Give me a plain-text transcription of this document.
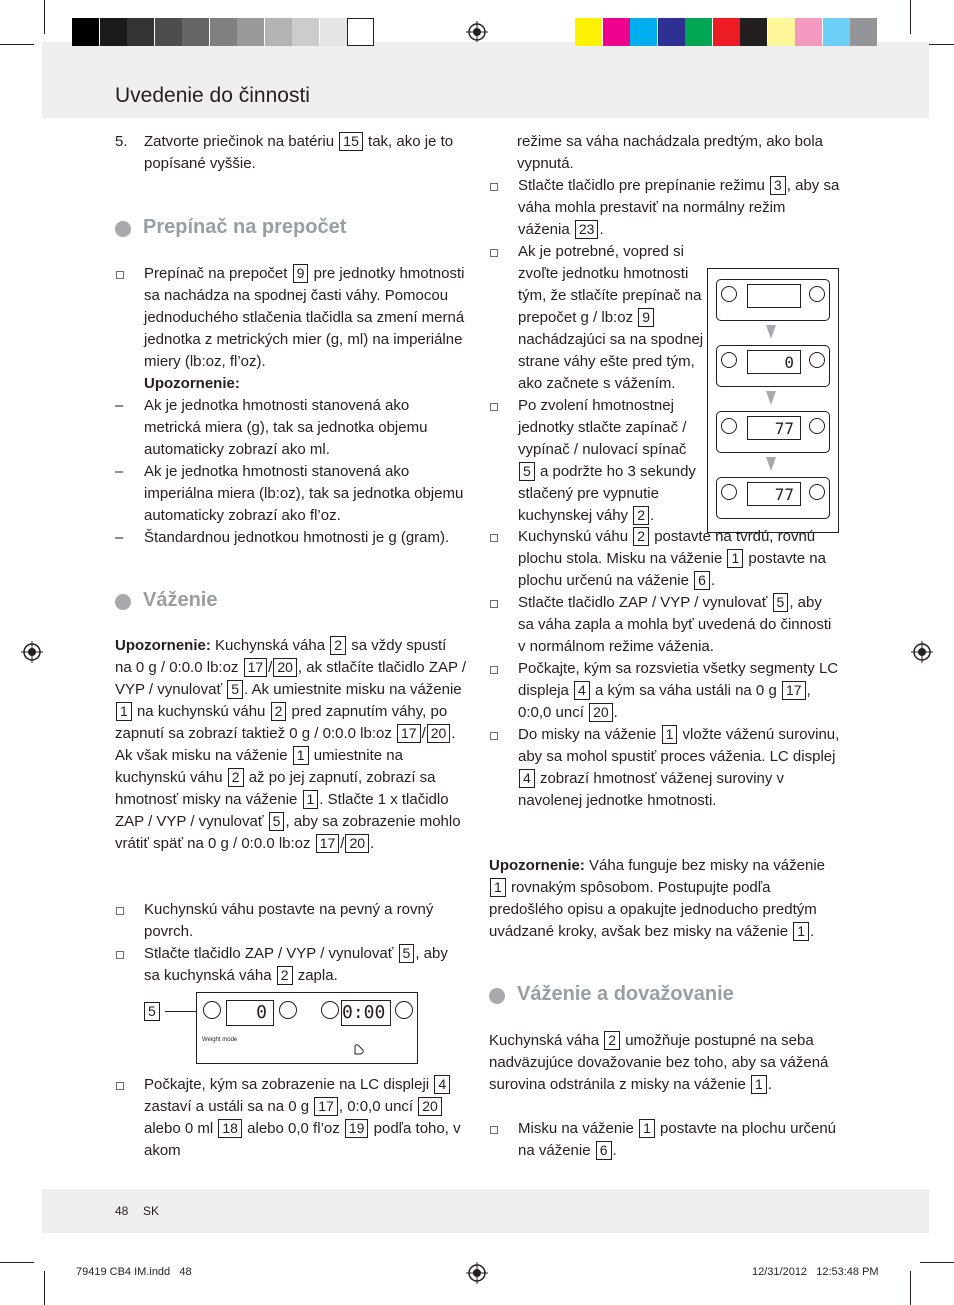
Uvedenie do činnosti
5.	Zatvorte priečinok na batériu 15 tak, ako je to popísané vyššie.
Prepínač na prepočet
Prepínač na prepočet 9 pre jednotky hmotnosti sa nachádza na spodnej časti váhy. Pomocou jednoduchého stlačenia tlačidla sa zmení merná jednotka z metrických mier (g, ml) na imperiálne miery (lb:oz, fl’oz).
Upozornenie:
–	Ak je jednotka hmotnosti stanovená ako metrická miera (g), tak sa jednotka objemu automaticky zobrazí ako ml.
–	Ak je jednotka hmotnosti stanovená ako imperiálna miera (lb:oz), tak sa jednotka objemu automaticky zobrazí ako fl’oz.
–	Štandardnou jednotkou hmotnosti je g (gram).
Váženie
Upozornenie: Kuchynská váha 2 sa vždy spustí na 0 g / 0:0.0 lb:oz 17 / 20 , ak stlačíte tlačidlo ZAP / VYP / vynulovať 5 . Ak umiestnite misku na váženie 1 na kuchynskú váhu 2 pred zapnutím váhy, po zapnutí sa zobrazí taktiež 0 g / 0:0.0 lb:oz 17 / 20 .
Ak však misku na váženie 1 umiestnite na kuchynskú váhu 2 až po jej zapnutí, zobrazí sa hmotnosť misky na váženie 1 . Stlačte 1 x tlačidlo ZAP / VYP / vynulovať 5 , aby sa zobrazenie mohlo vrátiť späť na 0 g / 0:0.0 lb:oz 17 / 20 .
Kuchynskú váhu postavte na pevný a rovný povrch.
Stlačte tlačidlo ZAP / VYP / vynulovať 5 , aby sa kuchynská váha 2 zapla.
5	0	0:00
Weight mode
Počkajte, kým sa zobrazenie na LC displeji 4 zastaví a ustáli sa na 0 g 17 , 0:0,0 uncí 20 alebo 0 ml 18 alebo 0,0 fl’oz 19 podľa toho, v akom
režime sa váha nachádzala predtým, ako bola vypnutá.
Stlačte tlačidlo pre prepínanie režimu 3 , aby sa váha mohla prestaviť na normálny režim váženia 23 .
Ak je potrebné, vopred si zvoľte jednotku hmotnosti tým, že stlačíte prepínač na prepočet g / lb:oz 9 nachádzajúci sa na spodnej strane váhy ešte pred tým, ako začnete s vážením.
Po zvolení hmotnostnej jednotky stlačte zapínač / vypínač / nulovací spínač 5 a podržte ho 3 sekundy stlačený pre vypnutie kuchynskej váhy 2 .
0
77
77
Kuchynskú váhu 2 postavte na tvrdú, rovnú plochu stola. Misku na váženie 1 postavte na plochu určenú na váženie 6 .
Stlačte tlačidlo ZAP / VYP / vynulovať 5 , aby sa váha zapla a mohla byť uvedená do činnosti v normálnom režime váženia.
Počkajte, kým sa rozsvietia všetky segmenty LC displeja 4 a kým sa váha ustáli na 0 g 17 , 0:0,0 uncí 20 .
Do misky na váženie 1 vložte váženú surovinu, aby sa mohol spustiť proces váženia. LC displej 4 zobrazí hmotnosť váženej suroviny v navolenej jednotke hmotnosti.
Upozornenie: Váha funguje bez misky na váženie 1 rovnakým spôsobom. Postupujte podľa predošlého opisu a opakujte jednoducho predtým uvádzané kroky, avšak bez misky na váženie 1 .
Váženie a dovažovanie
Kuchynská váha 2 umožňuje postupné na seba nadväzujúce dovažovanie bez toho, aby sa vážená surovina odstránila z misky na váženie 1 .
Misku na váženie 1 postavte na plochu určenú na váženie 6 .
48 SK
79419 CB4 IM.indd   48	12/31/2012   12:53:48 PM
